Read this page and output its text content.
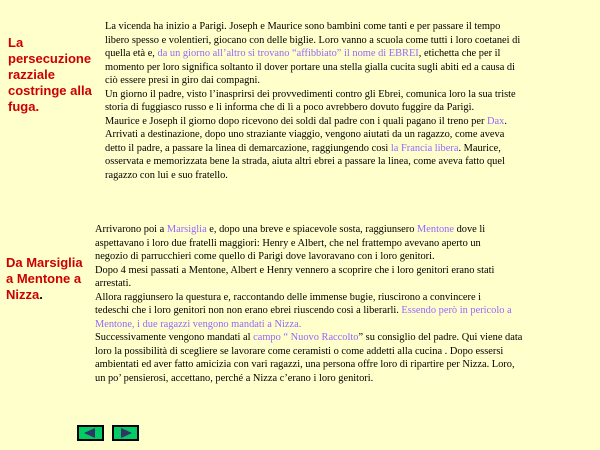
La
persecuzione
razziale
costringe alla
fuga.
La vicenda ha inizio a Parigi. Joseph e Maurice sono bambini come tanti e per passare il tempo
libero spesso e volentieri, giocano con delle biglie. Loro vanno a scuola come tutti i loro coetanei di
quella età e, da un giorno all’altro si trovano “affibbiato” il nome di EBREI, etichetta che per il
momento per loro significa soltanto il dover portare una stella gialla cucita sugli abiti ed a causa di
ciò essere presi in giro dai compagni.
Un giorno il padre, visto l’inasprirsi dei provvedimenti contro gli Ebrei, comunica loro la sua triste
storia di fuggiasco russo e li informa che di lì a poco avrebbero dovuto fuggire da Parigi.
Maurice e Joseph il giorno dopo ricevono dei soldi dal padre con i quali pagano il treno per Dax.
Arrivati a destinazione, dopo uno straziante viaggio, vengono aiutati da un ragazzo, come aveva
detto il padre, a passare la linea di demarcazione, raggiungendo così la Francia libera. Maurice,
osservata e memorizzata bene la strada, aiuta altri ebrei a passare la linea, come aveva fatto quel
ragazzo con lui e suo fratello.
Da Marsiglia
a Mentone a
Nizza.
Arrivarono poi a Marsiglia e, dopo una breve e spiacevole sosta, raggiunsero Mentone dove li
aspettavano i loro due fratelli maggiori: Henry e Albert, che nel frattempo avevano aperto un
negozio di parrucchieri come quello di Parigi dove lavoravano con i loro genitori.
Dopo 4 mesi passati a Mentone, Albert e Henry vennero a scoprire che i loro genitori erano stati
arrestati.
Allora raggiunsero la questura e, raccontando delle immense bugie, riuscirono a convincere i
tedeschi che i loro genitori non non erano ebrei riuscendo così a liberarli. Essendo però in pericolo a
Mentone, i due ragazzi vengono mandati a Nizza.
Successivamente vengono mandati al campo “ Nuovo Raccolto” su consiglio del padre. Qui viene data
loro la possibilità di scegliere se lavorare come ceramisti o come addetti alla cucina . Dopo essersi
ambientati ed aver fatto amicizia con vari ragazzi, una persona offre loro di ripartire per Nizza. Loro,
un po’ pensierosi, accettano, perché a Nizza c’erano i loro genitori.
